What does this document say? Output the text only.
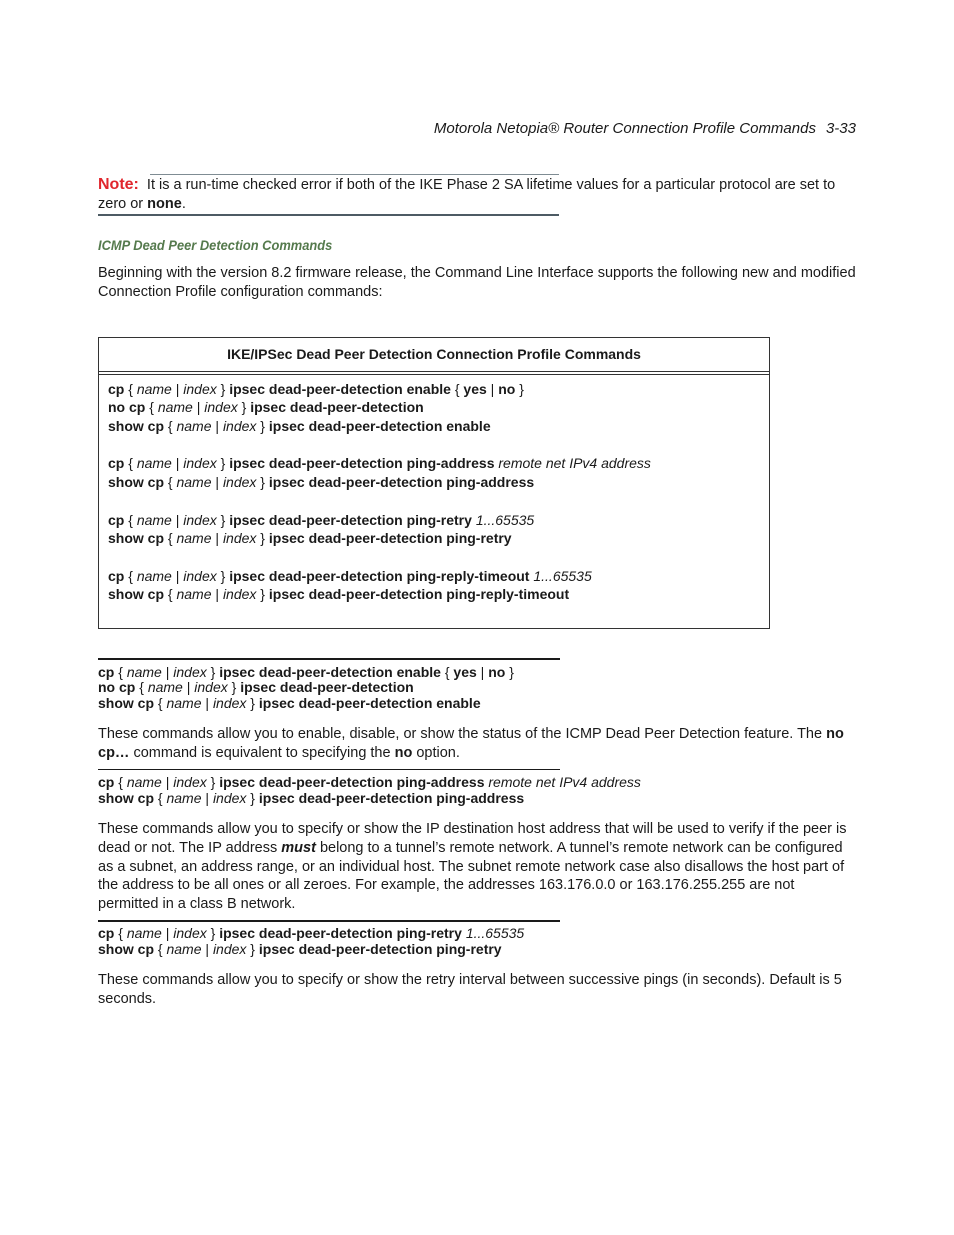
Motorola Netopia® Router Connection Profile Commands 3-33
Note: It is a run-time checked error if both of the IKE Phase 2 SA lifetime values for a particular protocol are set to zero or none.
ICMP Dead Peer Detection Commands
Beginning with the version 8.2 firmware release, the Command Line Interface supports the following new and modified Connection Profile configuration commands:
IKE/IPSec Dead Peer Detection Connection Profile Commands
cp { name | index } ipsec dead-peer-detection enable { yes | no }
no cp { name | index } ipsec dead-peer-detection
show cp { name | index } ipsec dead-peer-detection enable
cp { name | index } ipsec dead-peer-detection ping-address remote net IPv4 address
show cp { name | index } ipsec dead-peer-detection ping-address
cp { name | index } ipsec dead-peer-detection ping-retry 1...65535
show cp { name | index } ipsec dead-peer-detection ping-retry
cp { name | index } ipsec dead-peer-detection ping-reply-timeout 1...65535
show cp { name | index } ipsec dead-peer-detection ping-reply-timeout
cp { name | index } ipsec dead-peer-detection enable { yes | no }
no cp { name | index } ipsec dead-peer-detection
show cp { name | index } ipsec dead-peer-detection enable
These commands allow you to enable, disable, or show the status of the ICMP Dead Peer Detection feature. The no cp… command is equivalent to specifying the no option.
cp { name | index } ipsec dead-peer-detection ping-address remote net IPv4 address
show cp { name | index } ipsec dead-peer-detection ping-address
These commands allow you to specify or show the IP destination host address that will be used to verify if the peer is dead or not. The IP address must belong to a tunnel’s remote network. A tunnel’s remote network can be configured as a subnet, an address range, or an individual host. The subnet remote network case also disallows the host part of the address to be all ones or all zeroes. For example, the addresses 163.176.0.0 or 163.176.255.255 are not permitted in a class B network.
cp { name | index } ipsec dead-peer-detection ping-retry 1...65535
show cp { name | index } ipsec dead-peer-detection ping-retry
These commands allow you to specify or show the retry interval between successive pings (in seconds). Default is 5 seconds.
